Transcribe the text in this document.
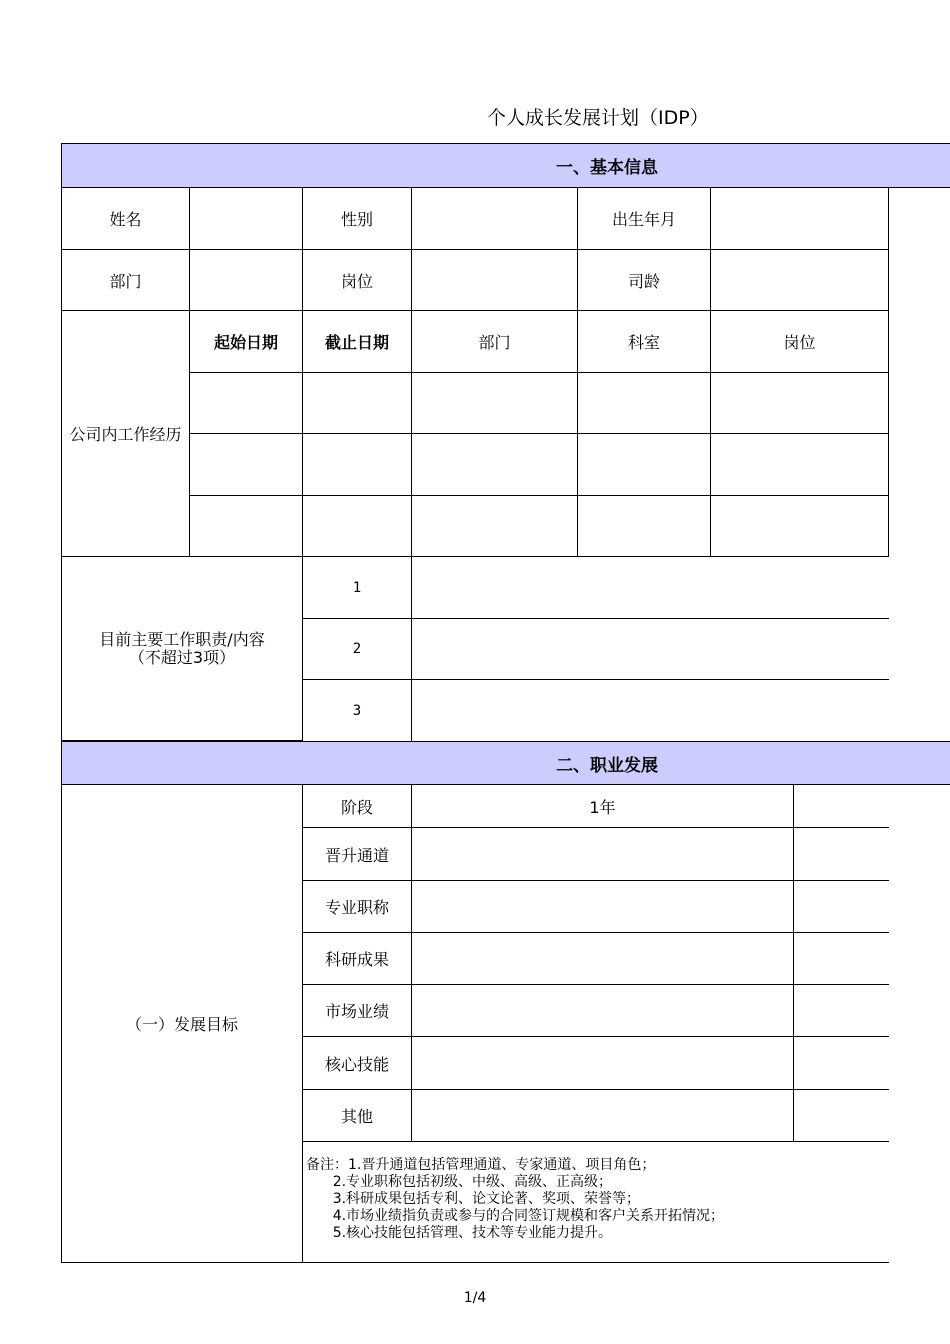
个人成长发展计划（IDP）
一、基本信息
姓名	性别	出生年月
部门	岗位	司龄
公司内工作经历
起始日期	截止日期	部门	科室	岗位
目前主要工作职责/内容
（不超过3项）
1
2
3
二、职业发展
（一）发展目标
阶段	1年
晋升通道
专业职称
科研成果
市场业绩
核心技能
其他
备注：1.晋升通道包括管理通道、专家通道、项目角色；
2.专业职称包括初级、中级、高级、正高级；
3.科研成果包括专利、论文论著、奖项、荣誉等；
4.市场业绩指负责或参与的合同签订规模和客户关系开拓情况；
5.核心技能包括管理、技术等专业能力提升。
1/4
